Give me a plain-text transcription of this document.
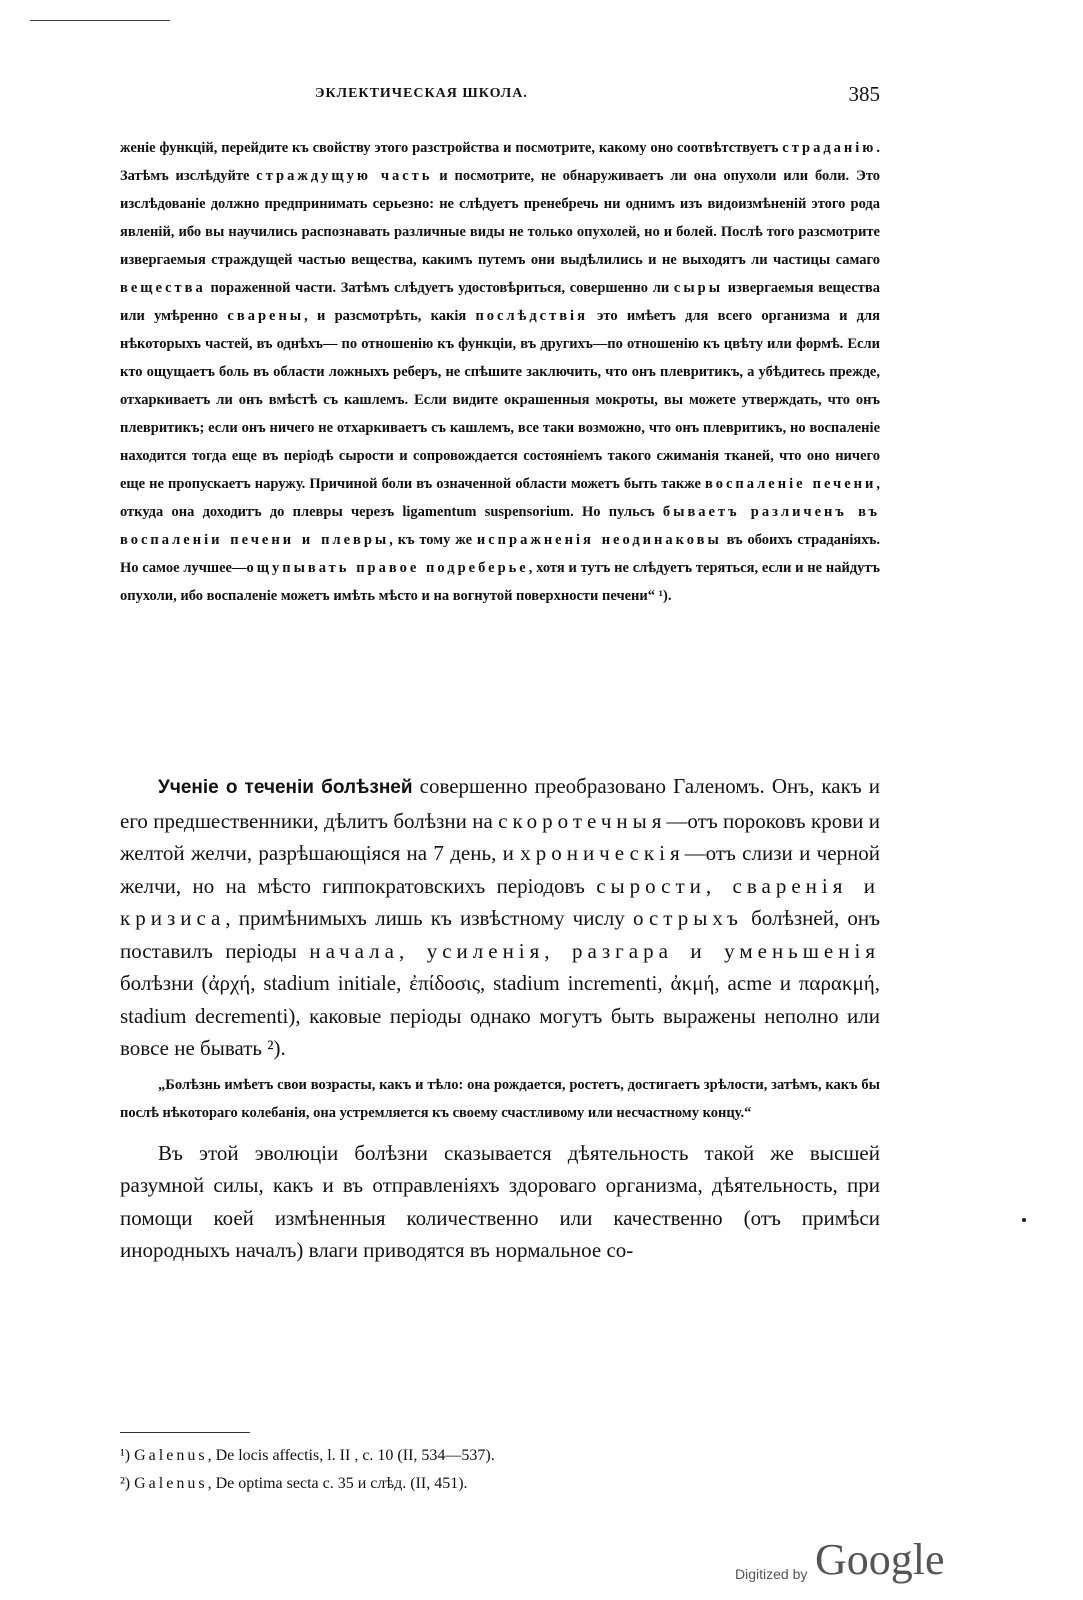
ЭКЛЕКТИЧЕСКАЯ ШКОЛА.	385

женіе функцій, перейдите къ свойству этого разстройства и посмотрите, какому оно соотвѣтствуетъ страданію. Затѣмъ изслѣдуйте страждущую часть и посмотрите, не обнаруживаетъ ли она опухоли или боли. Это изслѣдованіе должно предпринимать серьезно: не слѣдуетъ пренебречь ни однимъ изъ видоизмѣненій этого рода явленій, ибо вы научились распознавать различные виды не только опухолей, но и болей. Послѣ того разсмотрите извергаемыя страждущей частью вещества, какимъ путемъ они выдѣлились и не выходятъ ли частицы самаго вещества пораженной части. Затѣмъ слѣдуетъ удостовѣриться, совершенно ли сыры извергаемыя вещества или умѣренно сварены, и разсмотрѣть, какія послѣдствія это имѣетъ для всего организма и для нѣкоторыхъ частей, въ однѣхъ— по отношенію къ функціи, въ другихъ—по отношенію къ цвѣту или формѣ. Если кто ощущаетъ боль въ области ложныхъ реберъ, не спѣшите заключить, что онъ плевритикъ, а убѣдитесь прежде, отхаркиваетъ ли онъ вмѣстѣ съ кашлемъ. Если видите окрашенныя мокроты, вы можете утверждать, что онъ плевритикъ; если онъ ничего не отхаркиваетъ съ кашлемъ, все таки возможно, что онъ плевритикъ, но воспаленіе находится тогда еще въ періодѣ сырости и сопровождается состояніемъ такого сжиманія тканей, что оно ничего еще не пропускаетъ наружу. Причиной боли въ означенной области можетъ быть также воспаленіе печени, откуда она доходитъ до плевры черезъ ligamentum suspensorium. Но пульсъ бываетъ различенъ въ воспаленіи печени и плевры, къ тому же испражненія неодинаковы въ обоихъ страданіяхъ. Но самое лучшее—ощупывать правое подреберье, хотя и тутъ не слѣдуетъ теряться, если и не найдутъ опухоли, ибо воспаленіе можетъ имѣть мѣсто и на вогнутой поверхности печени“ ¹).

Ученіе о теченіи болѣзней совершенно преобразовано Галеномъ. Онъ, какъ и его предшественники, дѣлитъ болѣзни на скоротечныя—отъ пороковъ крови и желтой желчи, разрѣшающіяся на 7 день, и хроническія—отъ слизи и черной желчи, но на мѣсто гиппократовскихъ періодовъ сырости, сваренія и кризиса, примѣнимыхъ лишь къ извѣстному числу острыхъ болѣзней, онъ поставилъ періоды начала, усиленія, разгара и уменьшенія болѣзни (ἀρχή, stadium initiale, ἐπίδοσις, stadium incrementi, ἀκμή, acme и παρακμή, stadium decrementi), каковые періоды однако могутъ быть выражены неполно или вовсе не бывать ²).

„Болѣзнь имѣетъ свои возрасты, какъ и тѣло: она рождается, ростетъ, достигаетъ зрѣлости, затѣмъ, какъ бы послѣ нѣкотораго колебанія, она устремляется къ своему счастливому или несчастному концу.“

Въ этой эволюціи болѣзни сказывается дѣятельность такой же высшей разумной силы, какъ и въ отправленіяхъ здороваго организма, дѣятельность, при помощи коей измѣненныя количественно или качественно (отъ примѣси инородныхъ началъ) влаги приводятся въ нормальное со-

¹) Galenus, De locis affectis, l. II , c. 10 (II, 534—537).

²) Galenus, De optima secta c. 35 и слѣд. (II, 451).

Digitized by Google
